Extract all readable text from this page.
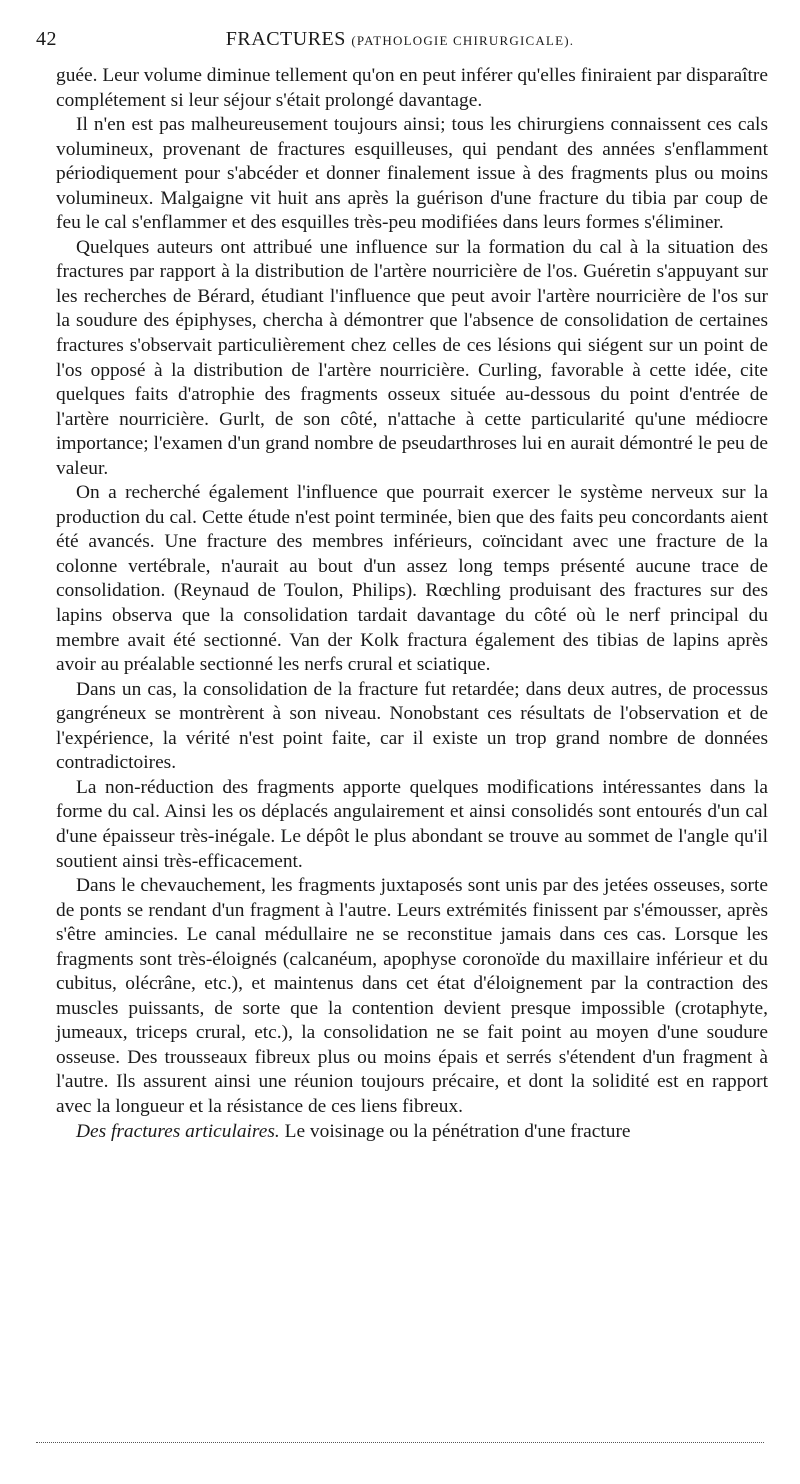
42	FRACTURES (PATHOLOGIE CHIRURGICALE).

guée. Leur volume diminue tellement qu'on en peut inférer qu'elles finiraient par disparaître complétement si leur séjour s'était prolongé davantage.

Il n'en est pas malheureusement toujours ainsi; tous les chirurgiens connaissent ces cals volumineux, provenant de fractures esquilleuses, qui pendant des années s'enflamment périodiquement pour s'abcéder et donner finalement issue à des fragments plus ou moins volumineux. Malgaigne vit huit ans après la guérison d'une fracture du tibia par coup de feu le cal s'enflammer et des esquilles très-peu modifiées dans leurs formes s'éliminer.

Quelques auteurs ont attribué une influence sur la formation du cal à la situation des fractures par rapport à la distribution de l'artère nourricière de l'os. Guéretin s'appuyant sur les recherches de Bérard, étudiant l'influence que peut avoir l'artère nourricière de l'os sur la soudure des épiphyses, chercha à démontrer que l'absence de consolidation de certaines fractures s'observait particulièrement chez celles de ces lésions qui siégent sur un point de l'os opposé à la distribution de l'artère nourricière. Curling, favorable à cette idée, cite quelques faits d'atrophie des fragments osseux située au-dessous du point d'entrée de l'artère nourricière. Gurlt, de son côté, n'attache à cette particularité qu'une médiocre importance; l'examen d'un grand nombre de pseudarthroses lui en aurait démontré le peu de valeur.

On a recherché également l'influence que pourrait exercer le système nerveux sur la production du cal. Cette étude n'est point terminée, bien que des faits peu concordants aient été avancés. Une fracture des membres inférieurs, coïncidant avec une fracture de la colonne vertébrale, n'aurait au bout d'un assez long temps présenté aucune trace de consolidation. (Reynaud de Toulon, Philips). Rœchling produisant des fractures sur des lapins observa que la consolidation tardait davantage du côté où le nerf principal du membre avait été sectionné. Van der Kolk fractura également des tibias de lapins après avoir au préalable sectionné les nerfs crural et sciatique.

Dans un cas, la consolidation de la fracture fut retardée; dans deux autres, de processus gangréneux se montrèrent à son niveau. Nonobstant ces résultats de l'observation et de l'expérience, la vérité n'est point faite, car il existe un trop grand nombre de données contradictoires.

La non-réduction des fragments apporte quelques modifications intéressantes dans la forme du cal. Ainsi les os déplacés angulairement et ainsi consolidés sont entourés d'un cal d'une épaisseur très-inégale. Le dépôt le plus abondant se trouve au sommet de l'angle qu'il soutient ainsi très-efficacement.

Dans le chevauchement, les fragments juxtaposés sont unis par des jetées osseuses, sorte de ponts se rendant d'un fragment à l'autre. Leurs extrémités finissent par s'émousser, après s'être amincies. Le canal médullaire ne se reconstitue jamais dans ces cas. Lorsque les fragments sont très-éloignés (calcanéum, apophyse coronoïde du maxillaire inférieur et du cubitus, olécrâne, etc.), et maintenus dans cet état d'éloignement par la contraction des muscles puissants, de sorte que la contention devient presque impossible (crotaphyte, jumeaux, triceps crural, etc.), la consolidation ne se fait point au moyen d'une soudure osseuse. Des trousseaux fibreux plus ou moins épais et serrés s'étendent d'un fragment à l'autre. Ils assurent ainsi une réunion toujours précaire, et dont la solidité est en rapport avec la longueur et la résistance de ces liens fibreux.

Des fractures articulaires. Le voisinage ou la pénétration d'une fracture
